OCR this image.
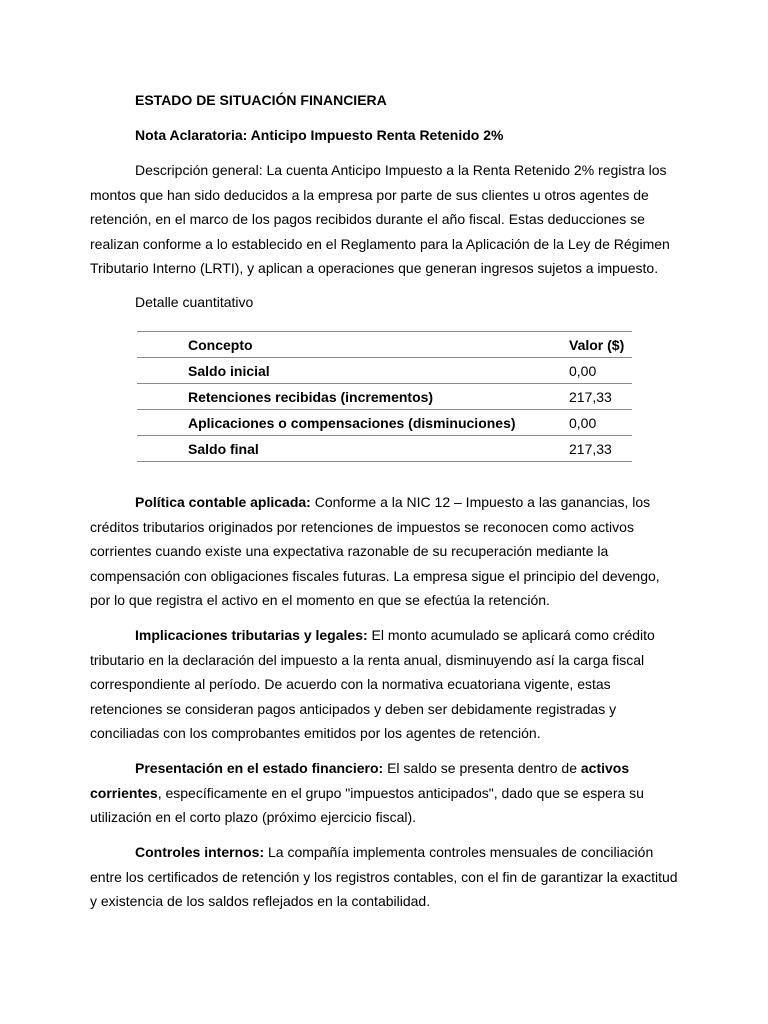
ESTADO DE SITUACIÓN FINANCIERA

Nota Aclaratoria: Anticipo Impuesto Renta Retenido 2%

Descripción general: La cuenta Anticipo Impuesto a la Renta Retenido 2% registra los montos que han sido deducidos a la empresa por parte de sus clientes u otros agentes de retención, en el marco de los pagos recibidos durante el año fiscal. Estas deducciones se realizan conforme a lo establecido en el Reglamento para la Aplicación de la Ley de Régimen Tributario Interno (LRTI), y aplican a operaciones que generan ingresos sujetos a impuesto.

Detalle cuantitativo

Concepto	Valor ($)
Saldo inicial	0,00
Retenciones recibidas (incrementos)	217,33
Aplicaciones o compensaciones (disminuciones)	0,00
Saldo final	217,33

Política contable aplicada: Conforme a la NIC 12 – Impuesto a las ganancias, los créditos tributarios originados por retenciones de impuestos se reconocen como activos corrientes cuando existe una expectativa razonable de su recuperación mediante la compensación con obligaciones fiscales futuras. La empresa sigue el principio del devengo, por lo que registra el activo en el momento en que se efectúa la retención.

Implicaciones tributarias y legales: El monto acumulado se aplicará como crédito tributario en la declaración del impuesto a la renta anual, disminuyendo así la carga fiscal correspondiente al período. De acuerdo con la normativa ecuatoriana vigente, estas retenciones se consideran pagos anticipados y deben ser debidamente registradas y conciliadas con los comprobantes emitidos por los agentes de retención.

Presentación en el estado financiero: El saldo se presenta dentro de activos corrientes, específicamente en el grupo "impuestos anticipados", dado que se espera su utilización en el corto plazo (próximo ejercicio fiscal).

Controles internos: La compañía implementa controles mensuales de conciliación entre los certificados de retención y los registros contables, con el fin de garantizar la exactitud y existencia de los saldos reflejados en la contabilidad.
